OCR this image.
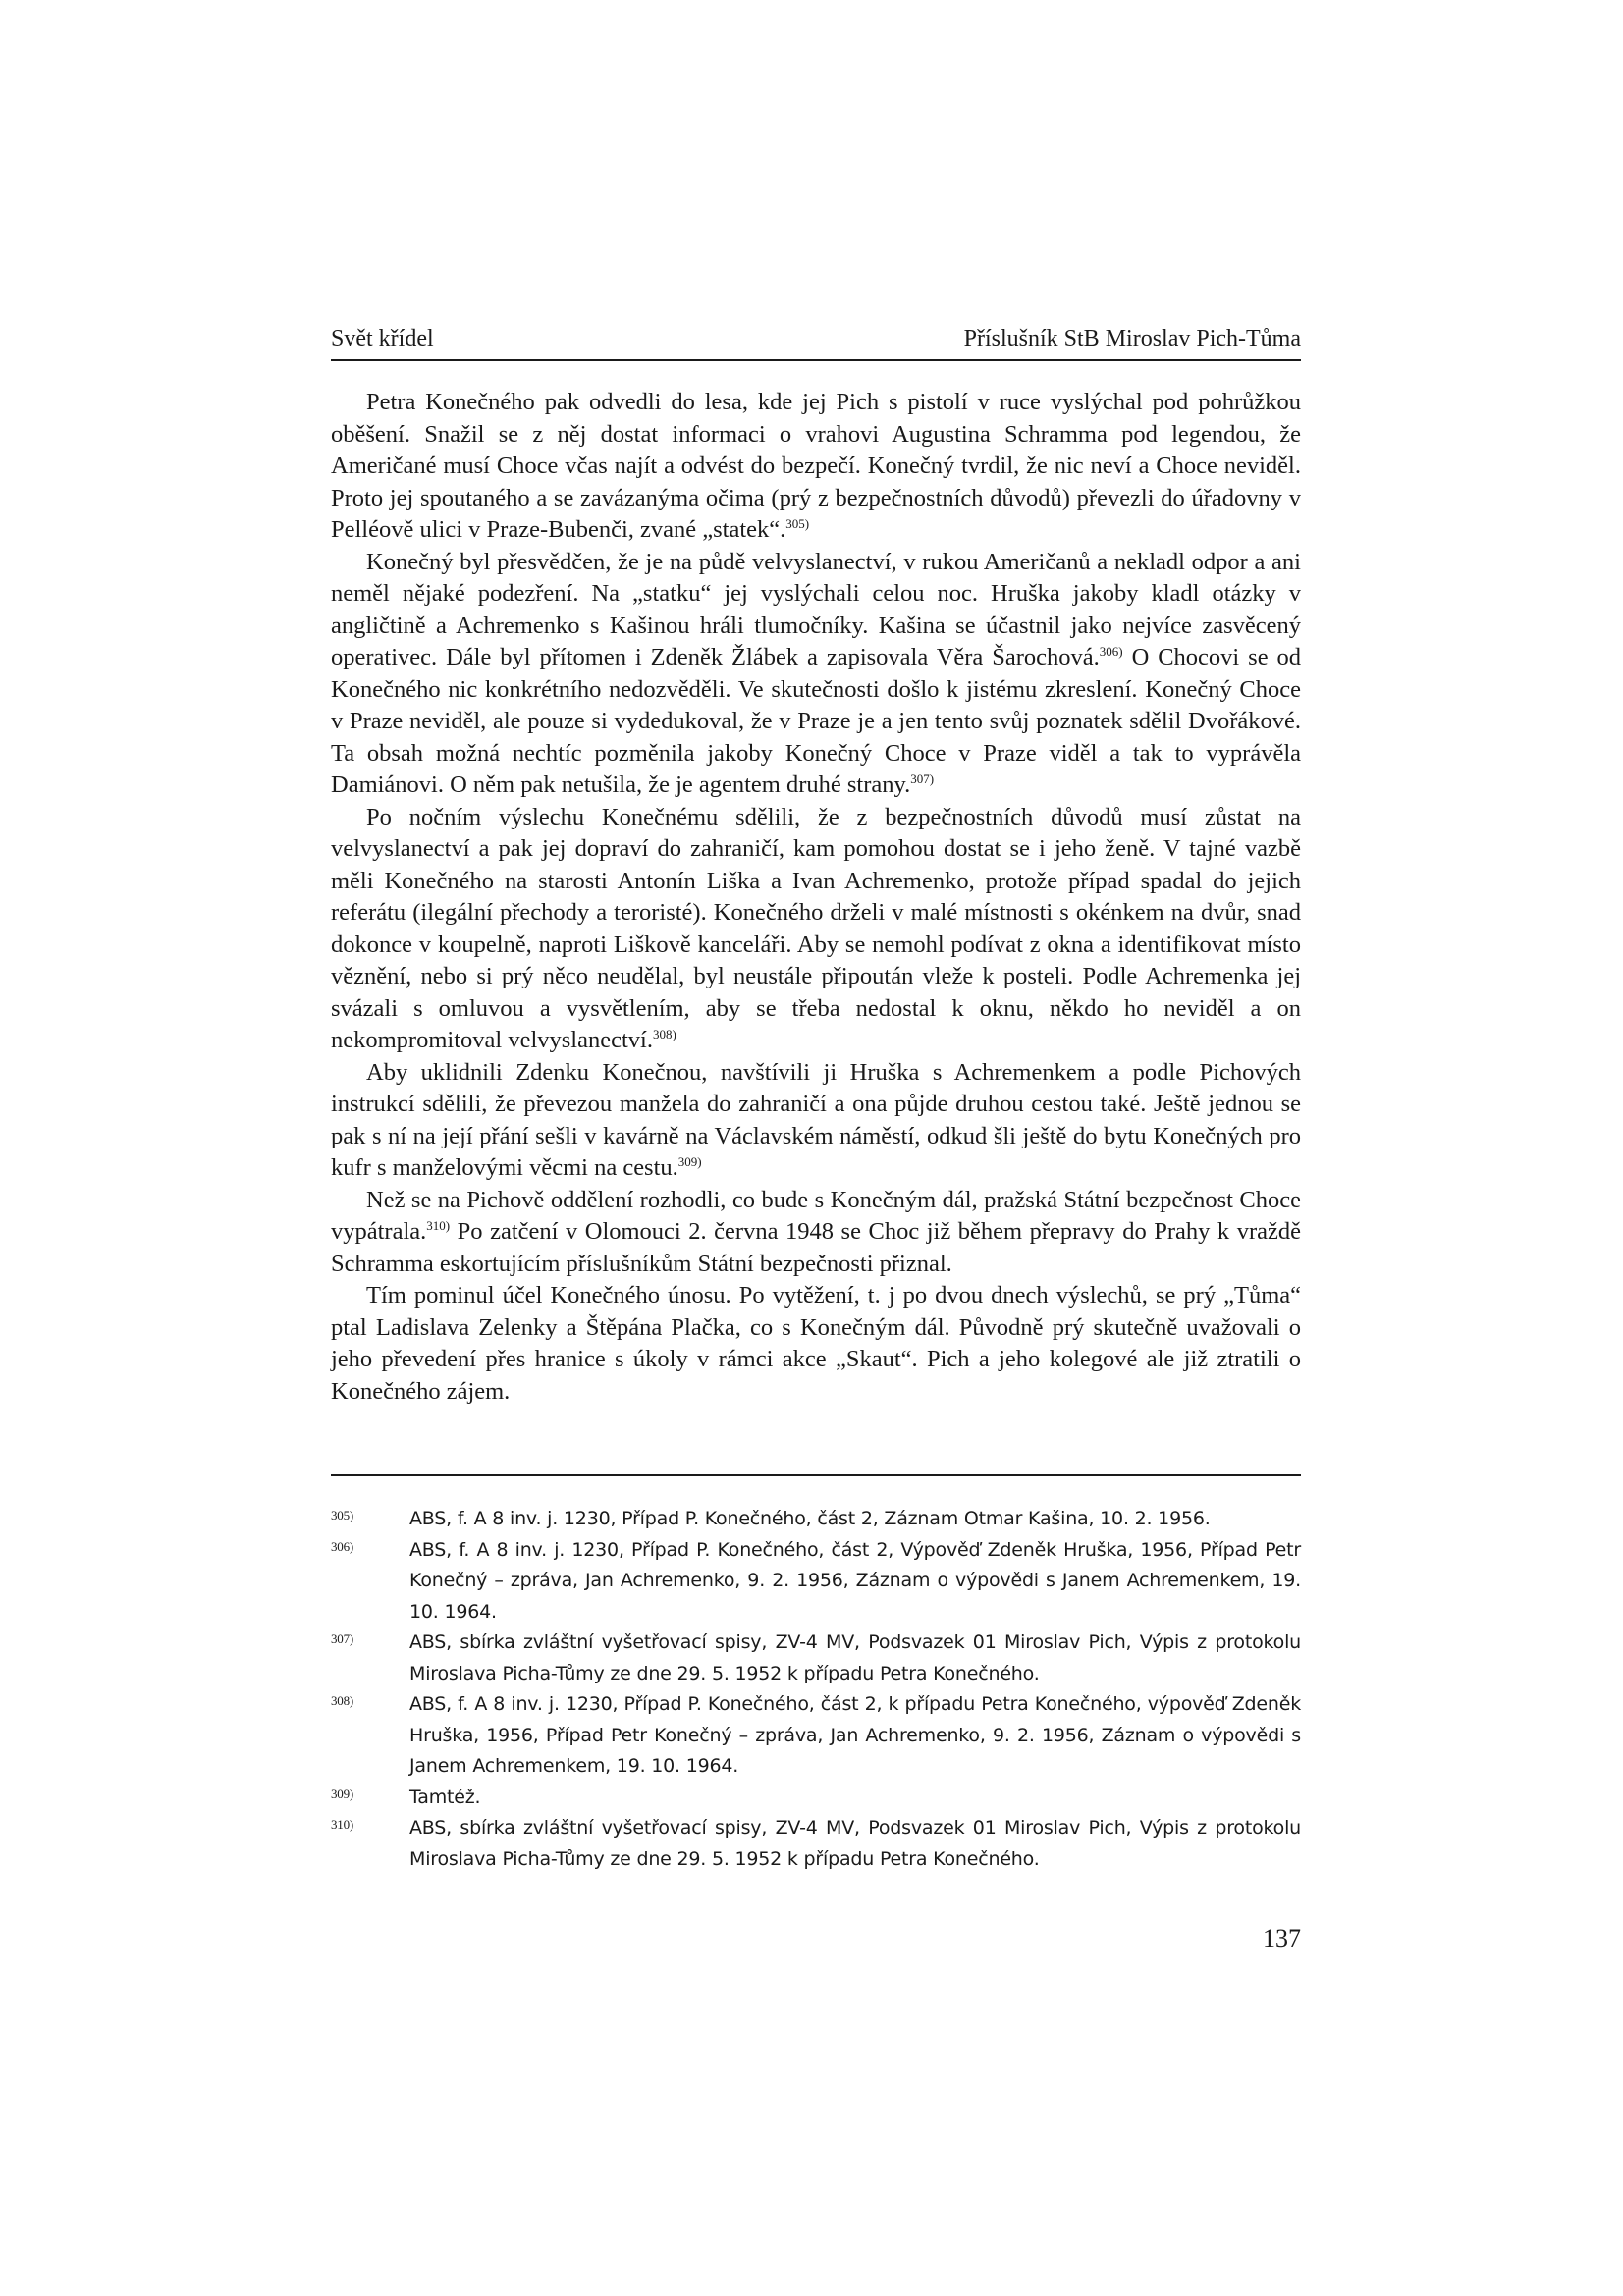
Svět křídel	Příslušník StB Miroslav Pich-Tůma

Petra Konečného pak odvedli do lesa, kde jej Pich s pistolí v ruce vyslýchal pod pohrůžkou oběšení. Snažil se z něj dostat informaci o vrahovi Augustina Schramma pod legendou, že Američané musí Choce včas najít a odvést do bezpečí. Konečný tvrdil, že nic neví a Choce neviděl. Proto jej spoutaného a se zavázanýma očima (prý z bezpečnostních důvodů) převezli do úřadovny v Pelléově ulici v Praze-Bubenči, zvané „statek“.$^{305)}$

Konečný byl přesvědčen, že je na půdě velvyslanectví, v rukou Američanů a nekladl odpor a ani neměl nějaké podezření. Na „statku“ jej vyslýchali celou noc. Hruška jakoby kladl otázky v angličtině a Achremenko s Kašinou hráli tlumočníky. Kašina se účastnil jako nejvíce zasvěcený operativec. Dále byl přítomen i Zdeněk Žlábek a zapisovala Věra Šarochová.$^{306)}$ O Chocovi se od Konečného nic konkrétního nedozvěděli. Ve skutečnosti došlo k jistému zkreslení. Konečný Choce v Praze neviděl, ale pouze si vydedukoval, že v Praze je a jen tento svůj poznatek sdělil Dvořákové. Ta obsah možná nechtíc pozměnila jakoby Konečný Choce v Praze viděl a tak to vyprávěla Damiánovi. O něm pak netušila, že je agentem druhé strany.$^{307)}$

Po nočním výslechu Konečnému sdělili, že z bezpečnostních důvodů musí zůstat na velvyslanectví a pak jej dopraví do zahraničí, kam pomohou dostat se i jeho ženě. V tajné vazbě měli Konečného na starosti Antonín Liška a Ivan Achremenko, protože případ spadal do jejich referátu (ilegální přechody a teroristé). Konečného drželi v malé místnosti s okénkem na dvůr, snad dokonce v koupelně, naproti Liškově kanceláři. Aby se nemohl podívat z okna a identifikovat místo věznění, nebo si prý něco neudělal, byl neustále připoután vleže k posteli. Podle Achremenka jej svázali s omluvou a vysvětlením, aby se třeba nedostal k oknu, někdo ho neviděl a on nekompromitoval velvyslanectví.$^{308)}$

Aby uklidnili Zdenku Konečnou, navštívili ji Hruška s Achremenkem a podle Pichových instrukcí sdělili, že převezou manžela do zahraničí a ona půjde druhou cestou také. Ještě jednou se pak s ní na její přání sešli v kavárně na Václavském náměstí, odkud šli ještě do bytu Konečných pro kufr s manželovými věcmi na cestu.$^{309)}$

Než se na Pichově oddělení rozhodli, co bude s Konečným dál, pražská Státní bezpečnost Choce vypátrala.$^{310)}$ Po zatčení v Olomouci 2. června 1948 se Choc již během přepravy do Prahy k vraždě Schramma eskortujícím příslušníkům Státní bezpečnosti přiznal.

Tím pominul účel Konečného únosu. Po vytěžení, t. j po dvou dnech výslechů, se prý „Tůma“ ptal Ladislava Zelenky a Štěpána Plačka, co s Konečným dál. Původně prý skutečně uvažovali o jeho převedení přes hranice s úkoly v rámci akce „Skaut“. Pich a jeho kolegové ale již ztratili o Konečného zájem.

305)	ABS, f. A 8 inv. j. 1230, Případ P. Konečného, část 2, Záznam Otmar Kašina, 10. 2. 1956.
306)	ABS, f. A 8 inv. j. 1230, Případ P. Konečného, část 2, Výpověď Zdeněk Hruška, 1956, Případ Petr Konečný – zpráva, Jan Achremenko, 9. 2. 1956, Záznam o výpovědi s Janem Achremenkem, 19. 10. 1964.
307)	ABS, sbírka zvláštní vyšetřovací spisy, ZV-4 MV, Podsvazek 01 Miroslav Pich, Výpis z protokolu Miroslava Picha-Tůmy ze dne 29. 5. 1952 k případu Petra Konečného.
308)	ABS, f. A 8 inv. j. 1230, Případ P. Konečného, část 2, k případu Petra Konečného, výpověď Zdeněk Hruška, 1956, Případ Petr Konečný – zpráva, Jan Achremenko, 9. 2. 1956, Záznam o výpovědi s Janem Achremenkem, 19. 10. 1964.
309)	Tamtéž.
310)	ABS, sbírka zvláštní vyšetřovací spisy, ZV-4 MV, Podsvazek 01 Miroslav Pich, Výpis z protokolu Miroslava Picha-Tůmy ze dne 29. 5. 1952 k případu Petra Konečného.
137
